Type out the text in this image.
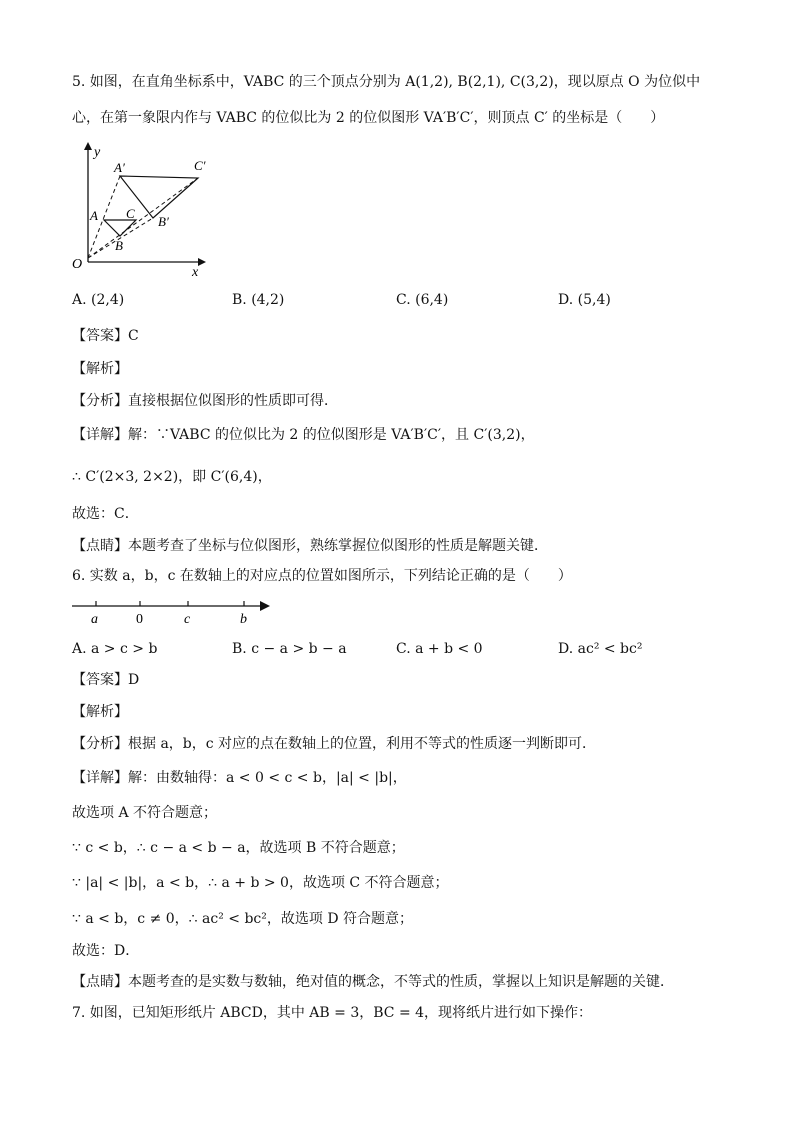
5. 如图，在直角坐标系中，VABC 的三个顶点分别为 A(1,2), B(2,1), C(3,2)，现以原点 O 为位似中
心，在第一象限内作与 VABC 的位似比为 2 的位似图形 VA′B′C′，则顶点 C′ 的坐标是（　　）
y
x
O
A
B
C
A′
B′
C′
A. (2,4)	B. (4,2)	C. (6,4)	D. (5,4)
【答案】C
【解析】
【分析】直接根据位似图形的性质即可得．
【详解】解：∵VABC 的位似比为 2 的位似图形是 VA′B′C′，且 C′(3,2)，
∴ C′(2×3, 2×2)，即 C′(6,4)，
故选：C．
【点睛】本题考查了坐标与位似图形，熟练掌握位似图形的性质是解题关键．
6. 实数 a，b，c 在数轴上的对应点的位置如图所示，下列结论正确的是（　　）
a	0	c	b
A. a > c > b	B. c − a > b − a	C. a + b < 0	D. ac² < bc²
【答案】D
【解析】
【分析】根据 a，b，c 对应的点在数轴上的位置，利用不等式的性质逐一判断即可．
【详解】解：由数轴得：a < 0 < c < b，|a| < |b|，
故选项 A 不符合题意；
∵ c < b，∴ c − a < b − a，故选项 B 不符合题意；
∵ |a| < |b|，a < b，∴ a + b > 0，故选项 C 不符合题意；
∵ a < b，c ≠ 0，∴ ac² < bc²，故选项 D 符合题意；
故选：D．
【点睛】本题考查的是实数与数轴，绝对值的概念，不等式的性质，掌握以上知识是解题的关键．
7. 如图，已知矩形纸片 ABCD，其中 AB = 3，BC = 4，现将纸片进行如下操作：
